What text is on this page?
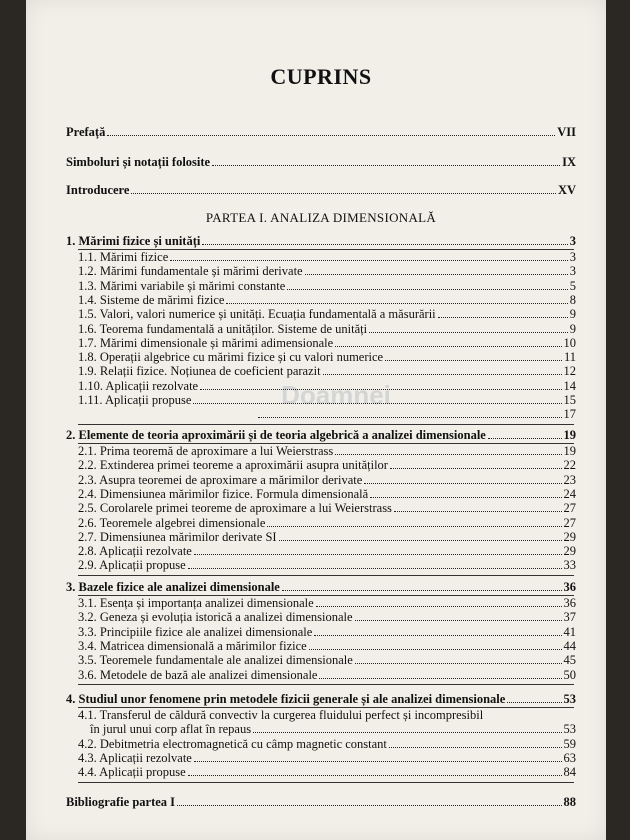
Doamnei
CUPRINS
Prefață	VII
Simboluri și notații folosite	IX
Introducere	XV
PARTEA I. ANALIZA DIMENSIONALĂ
1. Mărimi fizice și unități	3
1.1. Mărimi fizice	3
1.2. Mărimi fundamentale și mărimi derivate	3
1.3. Mărimi variabile și mărimi constante	5
1.4. Sisteme de mărimi fizice	8
1.5. Valori, valori numerice și unități. Ecuația fundamentală a măsurării	9
1.6. Teorema fundamentală a unităților. Sisteme de unități	9
1.7. Mărimi dimensionale și mărimi adimensionale	10
1.8. Operații algebrice cu mărimi fizice și cu valori numerice	11
1.9. Relații fizice. Noțiunea de coeficient parazit	12
1.10. Aplicații rezolvate	14
1.11. Aplicații propuse	15
17
2. Elemente de teoria aproximării și de teoria algebrică a analizei dimensionale	19
2.1. Prima teoremă de aproximare a lui Weierstrass	19
2.2. Extinderea primei teoreme a aproximării asupra unităților	22
2.3. Asupra teoremei de aproximare a mărimilor derivate	23
2.4. Dimensiunea mărimilor fizice. Formula dimensională	24
2.5. Corolarele primei teoreme de aproximare a lui Weierstrass	27
2.6. Teoremele algebrei dimensionale	27
2.7. Dimensiunea mărimilor derivate SI	29
2.8. Aplicații rezolvate	29
2.9. Aplicații propuse	33
3. Bazele fizice ale analizei dimensionale	36
3.1. Esența și importanța analizei dimensionale	36
3.2. Geneza și evoluția istorică a analizei dimensionale	37
3.3. Principiile fizice ale analizei dimensionale	41
3.4. Matricea dimensională a mărimilor fizice	44
3.5. Teoremele fundamentale ale analizei dimensionale	45
3.6. Metodele de bază ale analizei dimensionale	50
4. Studiul unor fenomene prin metodele fizicii generale și ale analizei dimensionale	53
4.1. Transferul de căldură convectiv la curgerea fluidului perfect și incompresibil
în jurul unui corp aflat în repaus	53
4.2. Debitmetria electromagnetică cu câmp magnetic constant	59
4.3. Aplicații rezolvate	63
4.4. Aplicații propuse	84
Bibliografie partea I	88
